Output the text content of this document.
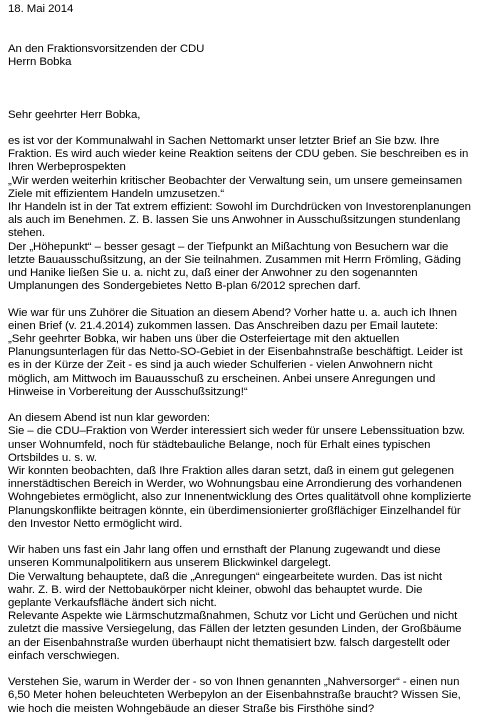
18. Mai 2014
An den Fraktionsvorsitzenden der CDU
Herrn Bobka
Sehr geehrter Herr Bobka,
es ist vor der Kommunalwahl in Sachen Nettomarkt unser letzter Brief an Sie bzw. Ihre
Fraktion. Es wird auch wieder keine Reaktion seitens der CDU geben. Sie beschreiben es in
Ihren Werbeprospekten
„Wir werden weiterhin kritischer Beobachter der Verwaltung sein, um unsere gemeinsamen
Ziele mit effizientem Handeln umzusetzen.“
Ihr Handeln ist in der Tat extrem effizient: Sowohl im Durchdrücken von Investorenplanungen
als auch im Benehmen. Z. B. lassen Sie uns Anwohner in Ausschußsitzungen stundenlang
stehen.
Der „Höhepunkt“ – besser gesagt – der Tiefpunkt an Mißachtung von Besuchern war die
letzte Bauausschußsitzung, an der Sie teilnahmen. Zusammen mit Herrn Frömling, Gäding
und Hanike ließen Sie u. a. nicht zu, daß einer der Anwohner zu den sogenannten
Umplanungen des Sondergebietes Netto B-plan 6/2012 sprechen darf.
Wie war für uns Zuhörer die Situation an diesem Abend? Vorher hatte u. a. auch ich Ihnen
einen Brief (v. 21.4.2014) zukommen lassen. Das Anschreiben dazu per Email lautete:
„Sehr geehrter Bobka, wir haben uns über die Osterfeiertage mit den aktuellen
Planungsunterlagen für das Netto-SO-Gebiet in der Eisenbahnstraße beschäftigt. Leider ist
es in der Kürze der Zeit - es sind ja auch wieder Schulferien - vielen Anwohnern nicht
möglich, am Mittwoch im Bauausschuß zu erscheinen. Anbei unsere Anregungen und
Hinweise in Vorbereitung der Ausschußsitzung!“
An diesem Abend ist nun klar geworden:
Sie – die CDU–Fraktion von Werder interessiert sich weder für unsere Lebenssituation bzw.
unser Wohnumfeld, noch für städtebauliche Belange, noch für Erhalt eines typischen
Ortsbildes u. s. w.
Wir konnten beobachten, daß Ihre Fraktion alles daran setzt, daß in einem gut gelegenen
innerstädtischen Bereich in Werder, wo Wohnungsbau eine Arrondierung des vorhandenen
Wohngebietes ermöglicht, also zur Innenentwicklung des Ortes qualitätvoll ohne komplizierte
Planungskonflikte beitragen könnte, ein überdimensionierter großflächiger Einzelhandel für
den Investor Netto ermöglicht wird.
Wir haben uns fast ein Jahr lang offen und ernsthaft der Planung zugewandt und diese
unseren Kommunalpolitikern aus unserem Blickwinkel dargelegt.
Die Verwaltung behauptete, daß die „Anregungen“ eingearbeitete wurden. Das ist nicht
wahr. Z. B. wird der Nettobaukörper nicht kleiner, obwohl das behauptet wurde. Die
geplante Verkaufsfläche ändert sich nicht.
Relevante Aspekte wie Lärmschutzmaßnahmen, Schutz vor Licht und Gerüchen und nicht
zuletzt die massive Versiegelung, das Fällen der letzten gesunden Linden, der Großbäume
an der Eisenbahnstraße wurden überhaupt nicht thematisiert bzw. falsch dargestellt oder
einfach verschwiegen.
Verstehen Sie, warum in Werder der - so von Ihnen genannten „Nahversorger“ - einen nun
6,50 Meter hohen beleuchteten Werbepylon an der Eisenbahnstraße braucht? Wissen Sie,
wie hoch die meisten Wohngebäude an dieser Straße bis Firsthöhe sind?
